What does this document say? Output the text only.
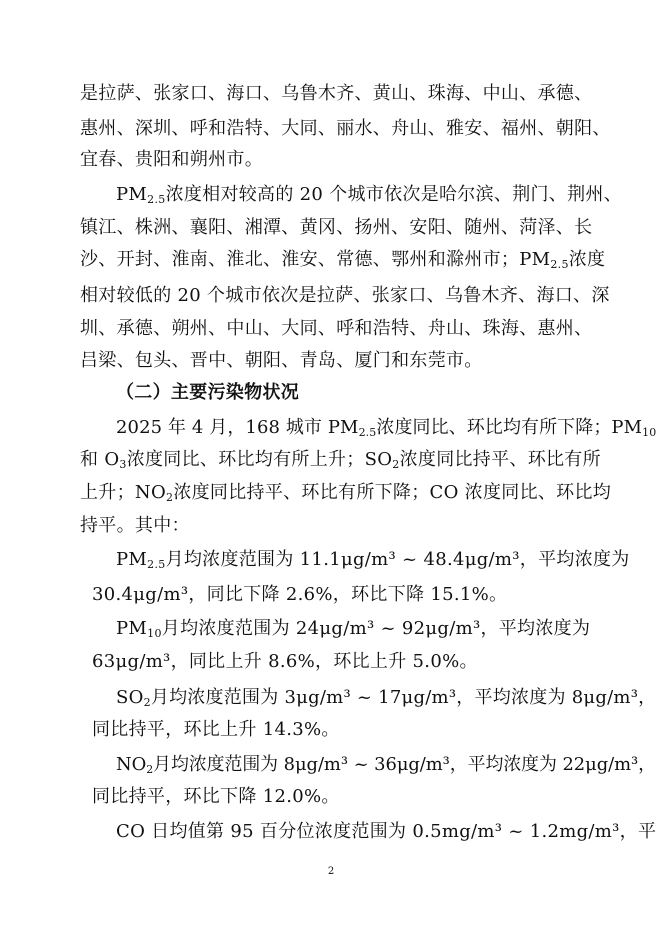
是拉萨、张家口、海口、乌鲁木齐、黄山、珠海、中山、承德、
惠州、深圳、呼和浩特、大同、丽水、舟山、雅安、福州、朝阳、
宜春、贵阳和朔州市。
$PM_{2.5}$浓度相对较高的 20 个城市依次是哈尔滨、荆门、荆州、
镇江、株洲、襄阳、湘潭、黄冈、扬州、安阳、随州、菏泽、长
沙、开封、淮南、淮北、淮安、常德、鄂州和滁州市；$PM_{2.5}$浓度
相对较低的 20 个城市依次是拉萨、张家口、乌鲁木齐、海口、深
圳、承德、朔州、中山、大同、呼和浩特、舟山、珠海、惠州、
吕梁、包头、晋中、朝阳、青岛、厦门和东莞市。
（二）主要污染物状况
2025 年 4 月，168 城市 $PM_{2.5}$浓度同比、环比均有所下降；$PM_{10}$
和 $O_3$浓度同比、环比均有所上升；$SO_2$浓度同比持平、环比有所
上升；$NO_2$浓度同比持平、环比有所下降；CO 浓度同比、环比均
持平。其中：
$PM_{2.5}$月均浓度范围为 11.1μg/m³ ~ 48.4μg/m³，平均浓度为
30.4μg/m³，同比下降 2.6%，环比下降 15.1%。
$PM_{10}$月均浓度范围为 24μg/m³ ~ 92μg/m³，平均浓度为
63μg/m³，同比上升 8.6%，环比上升 5.0%。
$SO_2$月均浓度范围为 3μg/m³ ~ 17μg/m³，平均浓度为 8μg/m³，
同比持平，环比上升 14.3%。
$NO_2$月均浓度范围为 8μg/m³ ~ 36μg/m³，平均浓度为 22μg/m³，
同比持平，环比下降 12.0%。
CO 日均值第 95 百分位浓度范围为 0.5mg/m³ ~ 1.2mg/m³，平
2
